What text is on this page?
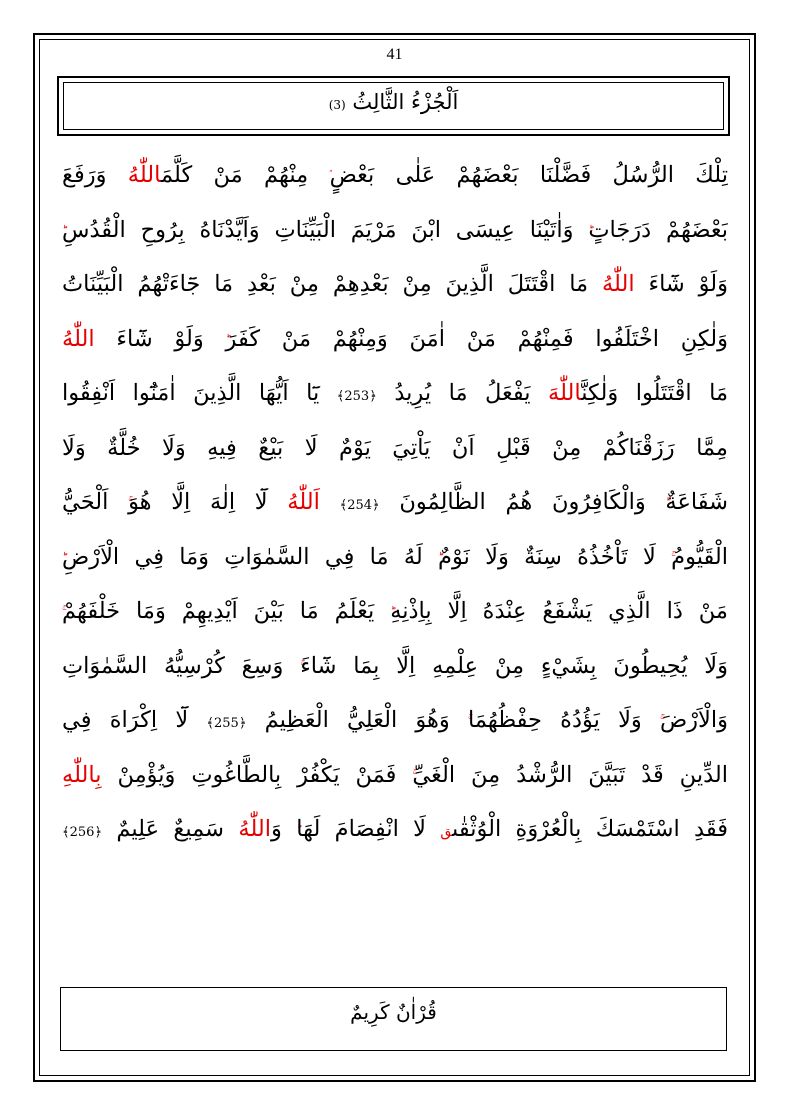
41
اَلْجُزْءُ الثَّالِثُ (3)
تِلْكَ الرُّسُلُ فَضَّلْنَا بَعْضَهُمْ عَلٰى بَعْضٍ مِنْهُمْ مَنْ كَلَّمَاللّٰهُ وَرَفَعَ
بَعْضَهُمْ دَرَجَاتٍ وَاٰتَيْنَا عِيسَى ابْنَ مَرْيَمَ الْبَيِّنَاتِ وَاَيَّدْنَاهُ بِرُوحِ الْقُدُسِ
وَلَوْ شَٓاءَ اللّٰهُ مَا اقْتَتَلَ الَّذِينَ مِنْ بَعْدِهِمْ مِنْ بَعْدِ مَا جَٓاءَتْهُمُ الْبَيِّنَاتُ
وَلٰكِنِ اخْتَلَفُوا فَمِنْهُمْ مَنْ اٰمَنَ وَمِنْهُمْ مَنْ كَفَرَ وَلَوْ شَٓاءَ اللّٰهُ
مَا اقْتَتَلُوا وَلٰكِنَّاللّٰهَ يَفْعَلُ مَا يُرِيدُ ﴿253﴾ يَٓا اَيُّهَا الَّذِينَ اٰمَنُٓوا اَنْفِقُوا
مِمَّا رَزَقْنَاكُمْ مِنْ قَبْلِ اَنْ يَاْتِيَ يَوْمٌ لَا بَيْعٌ فِيهِ وَلَا خُلَّةٌ وَلَا
شَفَاعَةٌ وَالْكَافِرُونَ هُمُ الظَّالِمُونَ ﴿254﴾ اَللّٰهُ لَٓا اِلٰهَ اِلَّا هُوَ اَلْحَيُّ
الْقَيُّومُ لَا تَاْخُذُهُ سِنَةٌ وَلَا نَوْمٌ لَهُ مَا فِي السَّمٰوَاتِ وَمَا فِي الْاَرْضِ
مَنْ ذَا الَّذِي يَشْفَعُ عِنْدَهُ اِلَّا بِاِذْنِهِ يَعْلَمُ مَا بَيْنَ اَيْدِيهِمْ وَمَا خَلْفَهُمْ
وَلَا يُحِيطُونَ بِشَيْءٍ مِنْ عِلْمِهِ اِلَّا بِمَا شَٓاءَ وَسِعَ كُرْسِيُّهُ السَّمٰوَاتِ
وَالْاَرْضَ وَلَا يَؤُدُهُ حِفْظُهُمَا وَهُوَ الْعَلِيُّ الْعَظِيمُ ﴿255﴾ لَٓا اِكْرَاهَ فِي
الدِّينِ قَدْ تَبَيَّنَ الرُّشْدُ مِنَ الْغَيِّ فَمَنْ يَكْفُرْ بِالطَّاغُوتِ وَيُؤْمِنْ بِاللّٰهِ
فَقَدِ اسْتَمْسَكَ بِالْعُرْوَةِ الْوُثْقٰىق لَا انْفِصَامَ لَهَا وَاللّٰهُ سَمِيعٌ عَلِيمٌ ﴿256﴾
قُرْاٰنٌ كَرِيمٌ
